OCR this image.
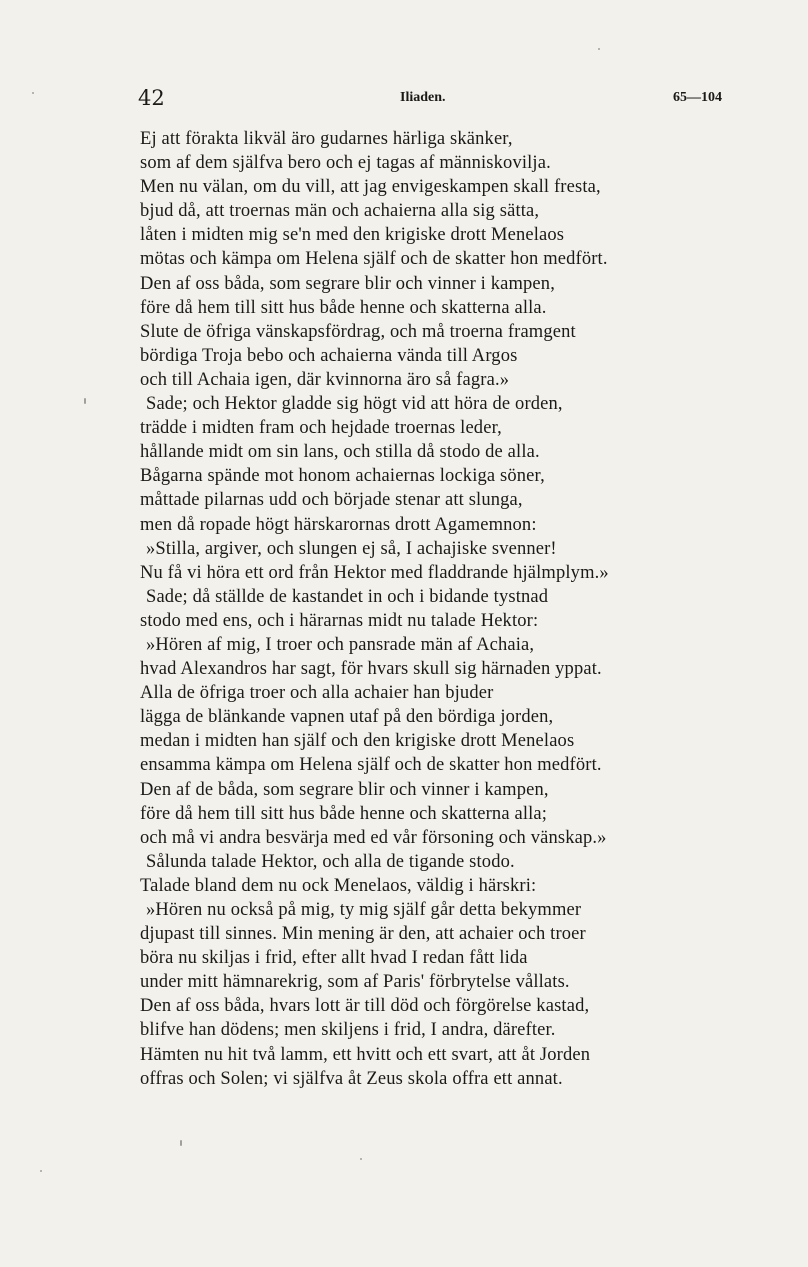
42	Iliaden.	65—104
Ej att förakta likväl äro gudarnes härliga skänker,
som af dem själfva bero och ej tagas af människovilja.
Men nu välan, om du vill, att jag envigeskampen skall fresta,
bjud då, att troernas män och achaierna alla sig sätta,
låten i midten mig se'n med den krigiske drott Menelaos
mötas och kämpa om Helena själf och de skatter hon medfört.
Den af oss båda, som segrare blir och vinner i kampen,
före då hem till sitt hus både henne och skatterna alla.
Slute de öfriga vänskapsfördrag, och må troerna framgent
bördiga Troja bebo och achaierna vända till Argos
och till Achaia igen, där kvinnorna äro så fagra.»
Sade; och Hektor gladde sig högt vid att höra de orden,
trädde i midten fram och hejdade troernas leder,
hållande midt om sin lans, och stilla då stodo de alla.
Bågarna spände mot honom achaiernas lockiga söner,
måttade pilarnas udd och började stenar att slunga,
men då ropade högt härskarornas drott Agamemnon:
»Stilla, argiver, och slungen ej så, I achajiske svenner!
Nu få vi höra ett ord från Hektor med fladdrande hjälmplym.»
Sade; då ställde de kastandet in och i bidande tystnad
stodo med ens, och i härarnas midt nu talade Hektor:
»Hören af mig, I troer och pansrade män af Achaia,
hvad Alexandros har sagt, för hvars skull sig härnaden yppat.
Alla de öfriga troer och alla achaier han bjuder
lägga de blänkande vapnen utaf på den bördiga jorden,
medan i midten han själf och den krigiske drott Menelaos
ensamma kämpa om Helena själf och de skatter hon medfört.
Den af de båda, som segrare blir och vinner i kampen,
före då hem till sitt hus både henne och skatterna alla;
och må vi andra besvärja med ed vår försoning och vänskap.»
Sålunda talade Hektor, och alla de tigande stodo.
Talade bland dem nu ock Menelaos, väldig i härskri:
»Hören nu också på mig, ty mig själf går detta bekymmer
djupast till sinnes. Min mening är den, att achaier och troer
böra nu skiljas i frid, efter allt hvad I redan fått lida
under mitt hämnarekrig, som af Paris' förbrytelse vållats.
Den af oss båda, hvars lott är till död och förgörelse kastad,
blifve han dödens; men skiljens i frid, I andra, därefter.
Hämten nu hit två lamm, ett hvitt och ett svart, att åt Jorden
offras och Solen; vi själfva åt Zeus skola offra ett annat.
